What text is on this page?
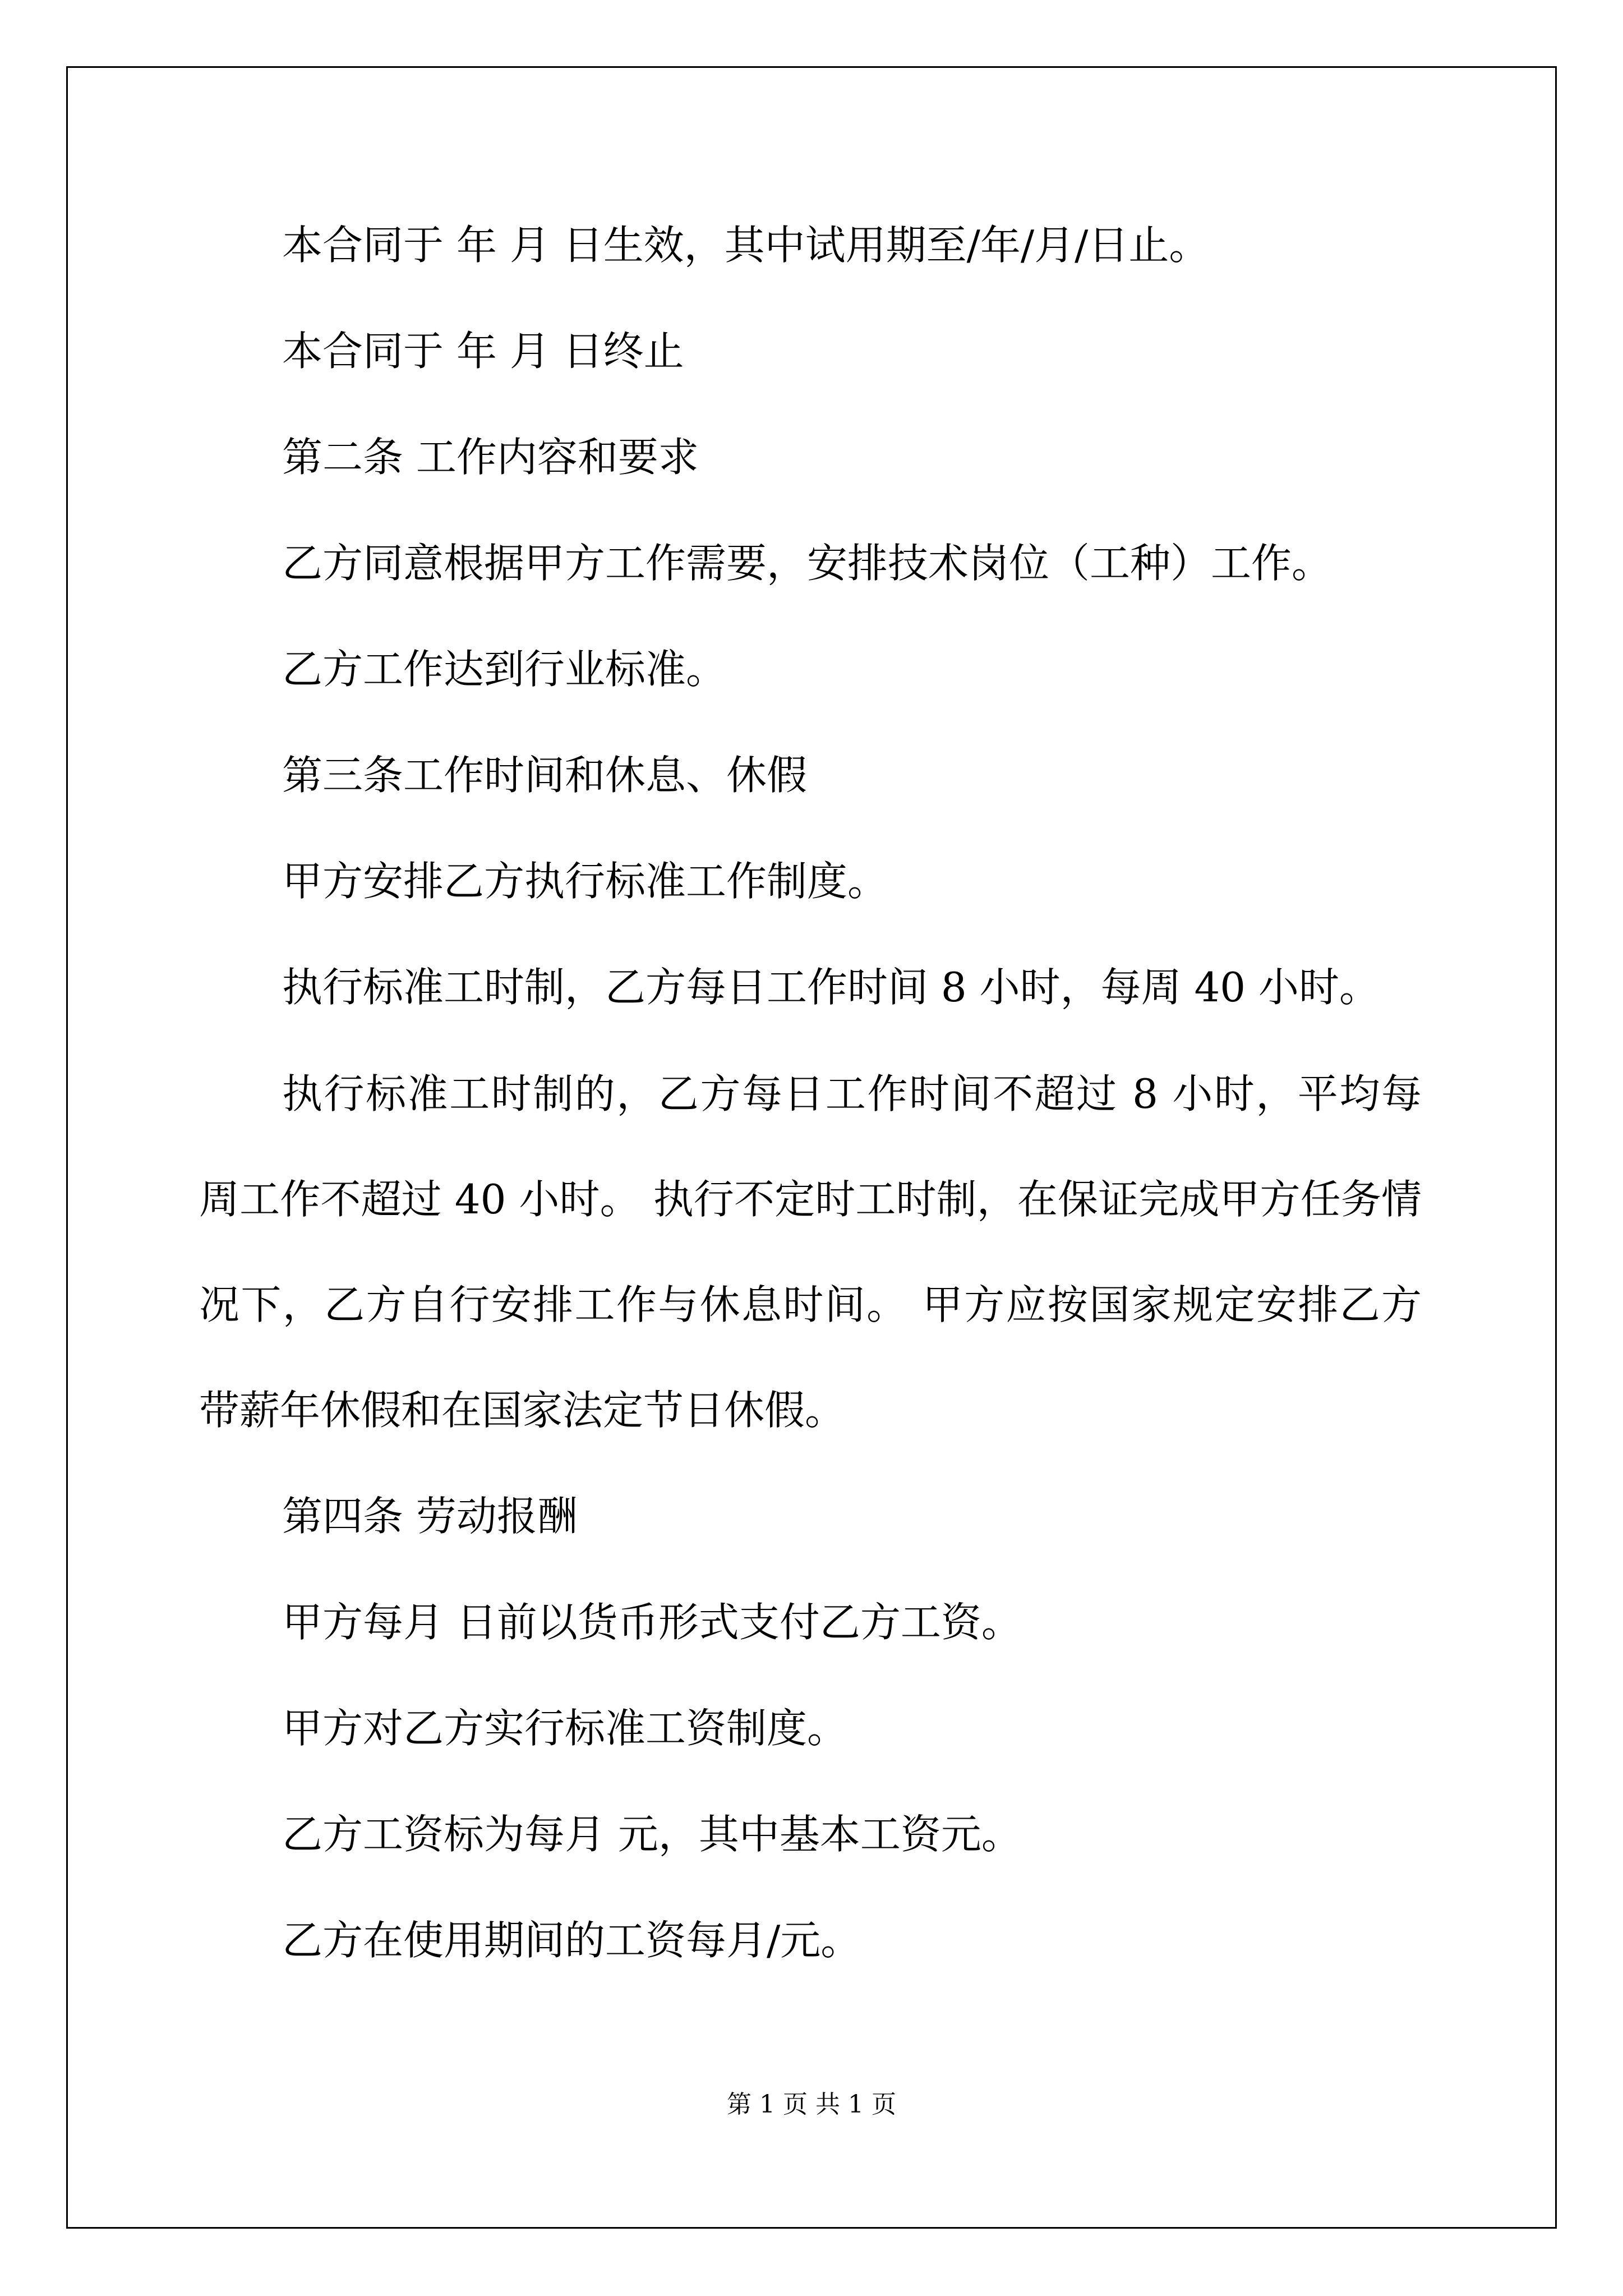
本合同于 年 月 日生效，其中试用期至/年/月/日止。

本合同于 年 月 日终止

第二条 工作内容和要求

乙方同意根据甲方工作需要，安排技术岗位（工种）工作。

乙方工作达到行业标准。

第三条工作时间和休息、休假

甲方安排乙方执行标准工作制度。

执行标准工时制，乙方每日工作时间 8 小时，每周 40 小时。

执行标准工时制的，乙方每日工作时间不超过 8 小时，平均每周工作不超过 40 小时。 执行不定时工时制，在保证完成甲方任务情况下，乙方自行安排工作与休息时间。 甲方应按国家规定安排乙方带薪年休假和在国家法定节日休假。

第四条 劳动报酬

甲方每月 日前以货币形式支付乙方工资。

甲方对乙方实行标准工资制度。

乙方工资标为每月 元，其中基本工资元。

乙方在使用期间的工资每月/元。

第 1 页 共 1 页
